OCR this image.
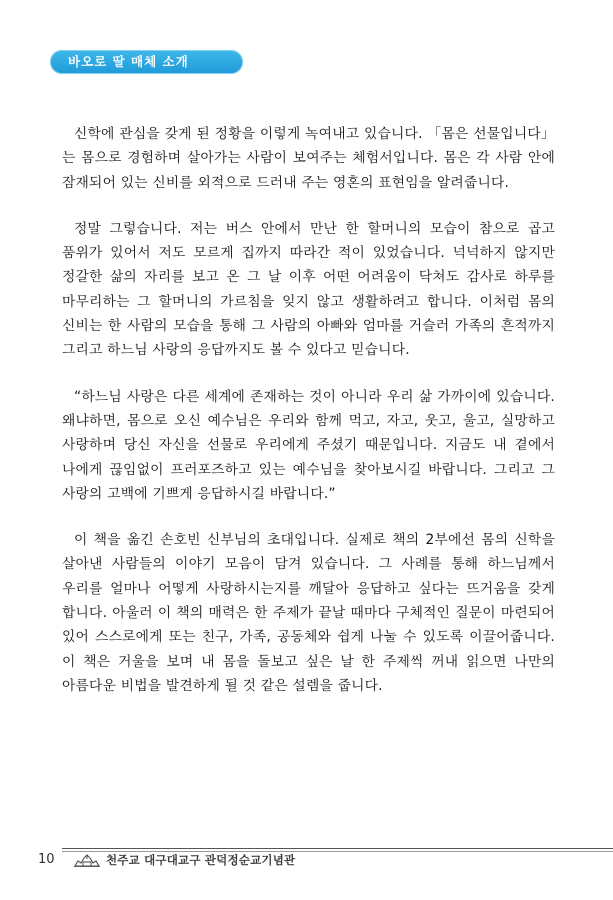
바오로 딸 매체 소개

신학에 관심을 갖게 된 정황을 이렇게 녹여내고 있습니다. 「몸은 선물입니다」는 몸으로 경험하며 살아가는 사람이 보여주는 체험서입니다. 몸은 각 사람 안에 잠재되어 있는 신비를 외적으로 드러내 주는 영혼의 표현임을 알려줍니다.

정말 그렇습니다. 저는 버스 안에서 만난 한 할머니의 모습이 참으로 곱고 품위가 있어서 저도 모르게 집까지 따라간 적이 있었습니다. 넉넉하지 않지만 정갈한 삶의 자리를 보고 온 그 날 이후 어떤 어려움이 닥쳐도 감사로 하루를 마무리하는 그 할머니의 가르침을 잊지 않고 생활하려고 합니다. 이처럼 몸의 신비는 한 사람의 모습을 통해 그 사람의 아빠와 엄마를 거슬러 가족의 흔적까지 그리고 하느님 사랑의 응답까지도 볼 수 있다고 믿습니다.

“하느님 사랑은 다른 세계에 존재하는 것이 아니라 우리 삶 가까이에 있습니다. 왜냐하면, 몸으로 오신 예수님은 우리와 함께 먹고, 자고, 웃고, 울고, 실망하고 사랑하며 당신 자신을 선물로 우리에게 주셨기 때문입니다. 지금도 내 곁에서 나에게 끊임없이 프러포즈하고 있는 예수님을 찾아보시길 바랍니다. 그리고 그 사랑의 고백에 기쁘게 응답하시길 바랍니다.”

이 책을 옮긴 손호빈 신부님의 초대입니다. 실제로 책의 2부에선 몸의 신학을 살아낸 사람들의 이야기 모음이 담겨 있습니다. 그 사례를 통해 하느님께서 우리를 얼마나 어떻게 사랑하시는지를 깨달아 응답하고 싶다는 뜨거움을 갖게 합니다. 아울러 이 책의 매력은 한 주제가 끝날 때마다 구체적인 질문이 마련되어 있어 스스로에게 또는 친구, 가족, 공동체와 쉽게 나눌 수 있도록 이끌어줍니다. 이 책은 거울을 보며 내 몸을 돌보고 싶은 날 한 주제씩 꺼내 읽으면 나만의 아름다운 비법을 발견하게 될 것 같은 설렘을 줍니다.

10	천주교 대구대교구 관덕정순교기념관
